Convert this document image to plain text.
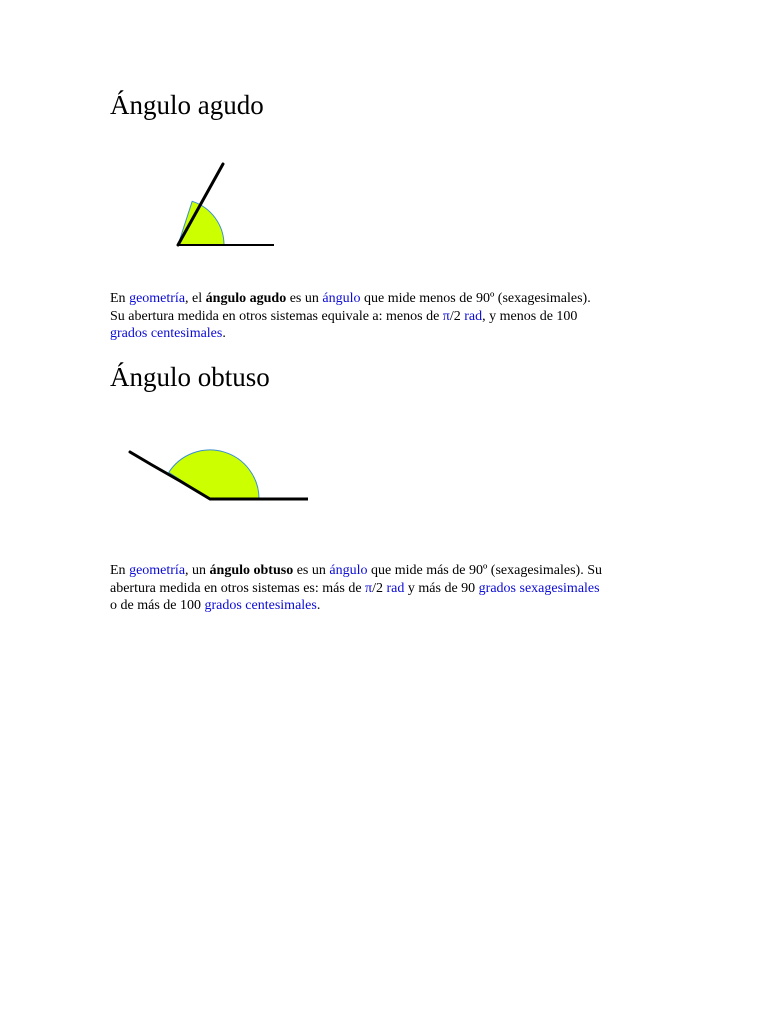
Ángulo agudo

En geometría, el ángulo agudo es un ángulo que mide menos de 90º (sexagesimales).
Su abertura medida en otros sistemas equivale a: menos de π/2 rad, y menos de 100
grados centesimales.

Ángulo obtuso

En geometría, un ángulo obtuso es un ángulo que mide más de 90º (sexagesimales). Su
abertura medida en otros sistemas es: más de π/2 rad y más de 90 grados sexagesimales
o de más de 100 grados centesimales.
